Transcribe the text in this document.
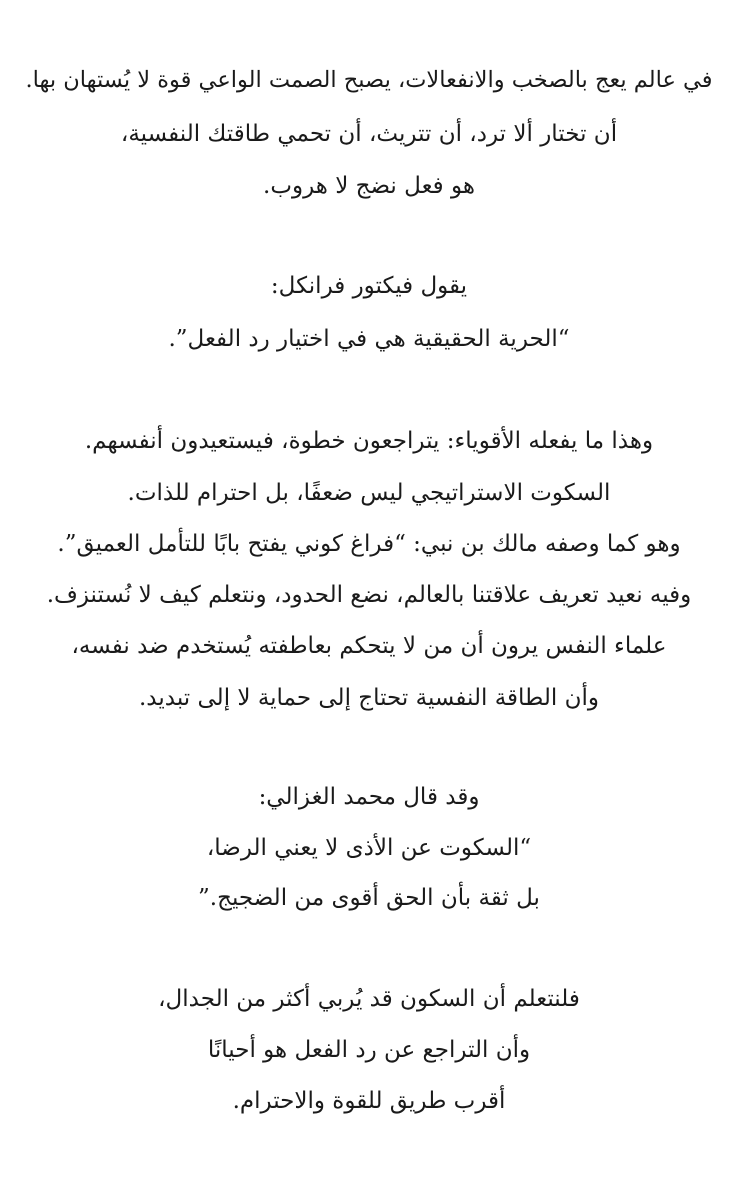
في عالم يعج بالصخب والانفعالات، يصبح الصمت الواعي قوة لا يُستهان بها.
أن تختار ألا ترد، أن تتريث، أن تحمي طاقتك النفسية،
هو فعل نضج لا هروب.
يقول فيكتور فرانكل:
“الحرية الحقيقية هي في اختيار رد الفعل”.
وهذا ما يفعله الأقوياء: يتراجعون خطوة، فيستعيدون أنفسهم.
السكوت الاستراتيجي ليس ضعفًا، بل احترام للذات.
وهو كما وصفه مالك بن نبي: “فراغ كوني يفتح بابًا للتأمل العميق”.
وفيه نعيد تعريف علاقتنا بالعالم، نضع الحدود، ونتعلم كيف لا نُستنزف.
علماء النفس يرون أن من لا يتحكم بعاطفته يُستخدم ضد نفسه،
وأن الطاقة النفسية تحتاج إلى حماية لا إلى تبديد.
وقد قال محمد الغزالي:
“السكوت عن الأذى لا يعني الرضا،
بل ثقة بأن الحق أقوى من الضجيج.”
فلنتعلم أن السكون قد يُربي أكثر من الجدال،
وأن التراجع عن رد الفعل هو أحيانًا
أقرب طريق للقوة والاحترام.
